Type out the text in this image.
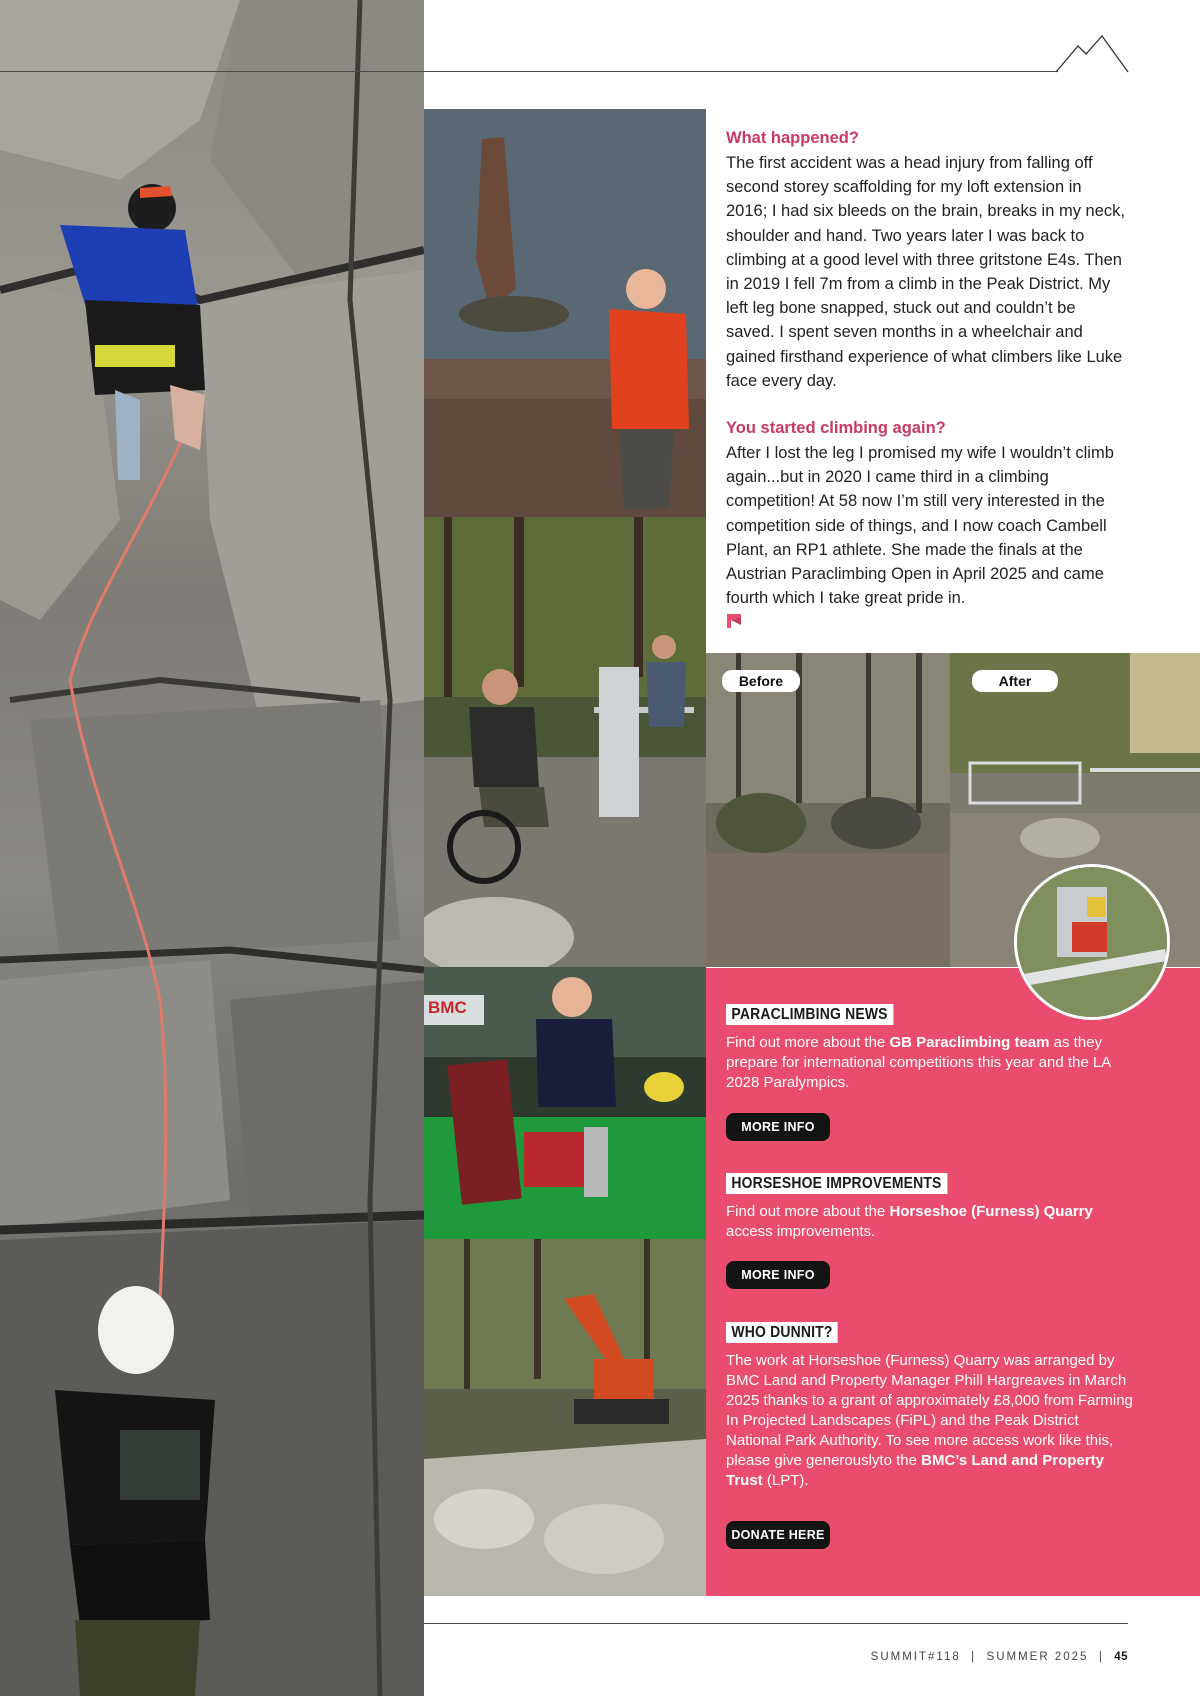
Before	After
BMC
What happened?
The first accident was a head injury from falling off second storey scaffolding for my loft extension in 2016; I had six bleeds on the brain, breaks in my neck, shoulder and hand. Two years later I was back to climbing at a good level with three gritstone E4s. Then in 2019 I fell 7m from a climb in the Peak District. My left leg bone snapped, stuck out and couldn’t be saved. I spent seven months in a wheelchair and gained firsthand experience of what climbers like Luke face every day.
You started climbing again?
After I lost the leg I promised my wife I wouldn’t climb again...but in 2020 I came third in a climbing competition! At 58 now I’m still very interested in the competition side of things, and I now coach Cambell Plant, an RP1 athlete. She made the finals at the Austrian Paraclimbing Open in April 2025 and came fourth which I take great pride in.
PARACLIMBING NEWS
Find out more about the GB Paraclimbing team as they prepare for international competitions this year and the LA 2028 Paralympics.
MORE INFO
HORSESHOE IMPROVEMENTS
Find out more about the Horseshoe (Furness) Quarry access improvements.
MORE INFO
WHO DUNNIT?
The work at Horseshoe (Furness) Quarry was arranged by BMC Land and Property Manager Phill Hargreaves in March 2025 thanks to a grant of approximately £8,000 from Farming In Projected Landscapes (FiPL) and the Peak District National Park Authority. To see more access work like this, please give generouslyto the BMC’s Land and Property Trust (LPT).
DONATE HERE
SUMMIT#118 | SUMMER 2025 | 45
